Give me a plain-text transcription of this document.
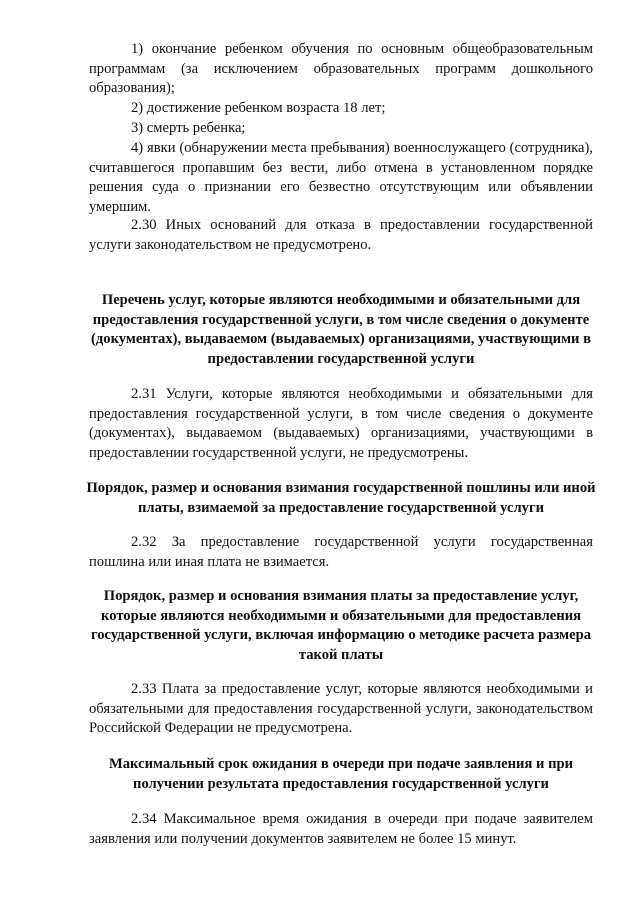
1) окончание ребенком обучения по основным общеобразовательным программам (за исключением образовательных программ дошкольного образования);

2) достижение ребенком возраста 18 лет;

3) смерть ребенка;

4) явки (обнаружении места пребывания) военнослужащего (сотрудника), считавшегося пропавшим без вести, либо отмена в установленном порядке решения суда о признании его безвестно отсутствующим или объявлении умершим.

2.30 Иных оснований для отказа в предоставлении государственной услуги законодательством не предусмотрено.

Перечень услуг, которые являются необходимыми и обязательными для предоставления государственной услуги, в том числе сведения о документе (документах), выдаваемом (выдаваемых) организациями, участвующими в предоставлении государственной услуги

2.31 Услуги, которые являются необходимыми и обязательными для предоставления государственной услуги, в том числе сведения о документе (документах), выдаваемом (выдаваемых) организациями, участвующими в предоставлении государственной услуги, не предусмотрены.

Порядок, размер и основания взимания государственной пошлины или иной платы, взимаемой за предоставление государственной услуги

2.32 За предоставление государственной услуги государственная пошлина или иная плата не взимается.

Порядок, размер и основания взимания платы за предоставление услуг, которые являются необходимыми и обязательными для предоставления государственной услуги, включая информацию о методике расчета размера такой платы

2.33 Плата за предоставление услуг, которые являются необходимыми и обязательными для предоставления государственной услуги, законодательством Российской Федерации не предусмотрена.

Максимальный срок ожидания в очереди при подаче заявления и при получении результата предоставления государственной услуги

2.34 Максимальное время ожидания в очереди при подаче заявителем заявления или получении документов заявителем не более 15 минут.
